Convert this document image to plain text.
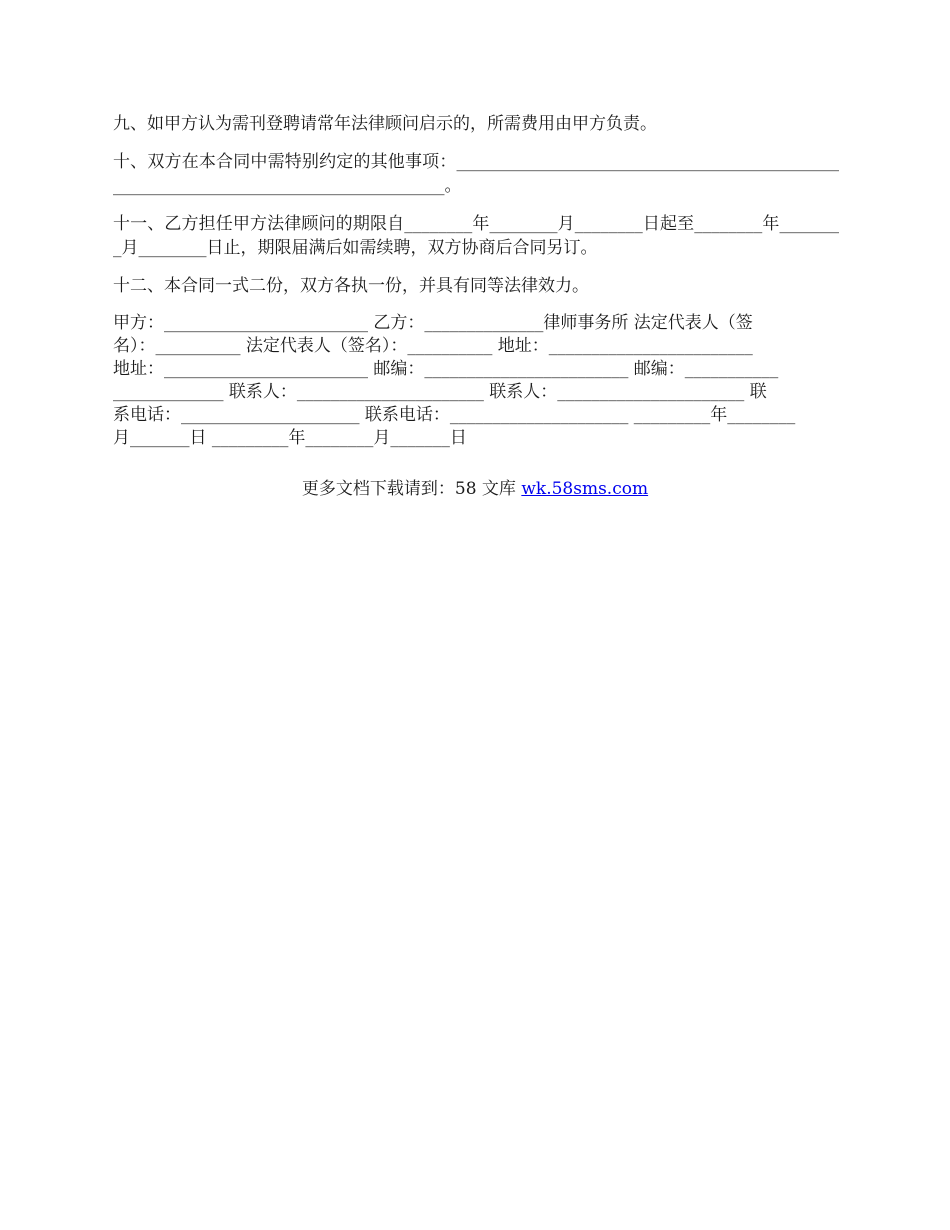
九、如甲方认为需刊登聘请常年法律顾问启示的，所需费用由甲方负责。

十、双方在本合同中需特别约定的其他事项：____________________________________________________________________________________。

十一、乙方担任甲方法律顾问的期限自________年________月________日起至________年________月________日止，期限届满后如需续聘，双方协商后合同另订。

十二、本合同一式二份，双方各执一份，并具有同等法律效力。

甲方：________________________ 乙方：______________律师事务所 法定代表人（签
名）：__________ 法定代表人（签名）：__________ 地址：________________________
地址：________________________ 邮编：________________________ 邮编：___________
_____________ 联系人：______________________ 联系人：______________________ 联
系电话：_____________________ 联系电话：_____________________ _________年________
月_______日 _________年________月_______日
更多文档下载请到：58 文库 wk.58sms.com
